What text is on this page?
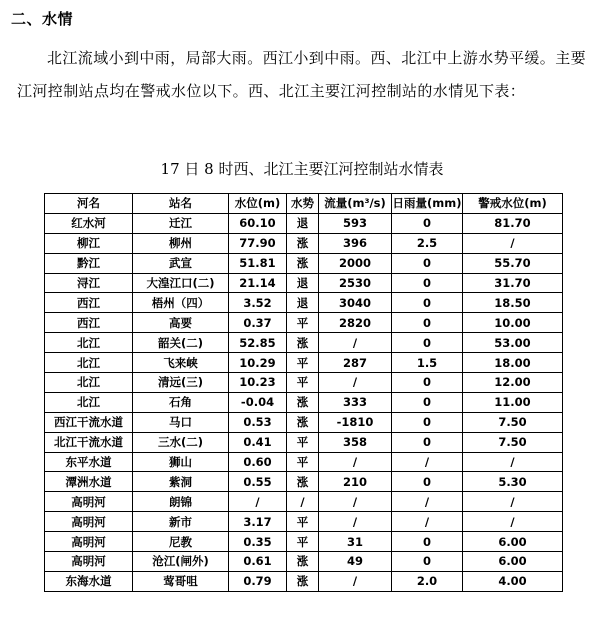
二、水情
北江流域小到中雨，局部大雨。西江小到中雨。西、北江中上游水势平缓。主要江河控制站点均在警戒水位以下。西、北江主要江河控制站的水情见下表：
17 日 8 时西、北江主要江河控制站水情表
河名	站名	水位(m)	水势	流量(m³/s)	日雨量(mm)	警戒水位(m)
红水河	迁江	60.10	退	593	0	81.70
柳江	柳州	77.90	涨	396	2.5	/
黔江	武宣	51.81	涨	2000	0	55.70
浔江	大湟江口(二)	21.14	退	2530	0	31.70
西江	梧州（四）	3.52	退	3040	0	18.50
西江	高要	0.37	平	2820	0	10.00
北江	韶关(二)	52.85	涨	/	0	53.00
北江	飞来峡	10.29	平	287	1.5	18.00
北江	清远(三)	10.23	平	/	0	12.00
北江	石角	-0.04	涨	333	0	11.00
西江干流水道	马口	0.53	涨	-1810	0	7.50
北江干流水道	三水(二)	0.41	平	358	0	7.50
东平水道	狮山	0.60	平	/	/	/
潭洲水道	紫洞	0.55	涨	210	0	5.30
高明河	朗锦	/	/	/	/	/
高明河	新市	3.17	平	/	/	/
高明河	尼教	0.35	平	31	0	6.00
高明河	沧江(闸外)	0.61	涨	49	0	6.00
东海水道	莺哥咀	0.79	涨	/	2.0	4.00
